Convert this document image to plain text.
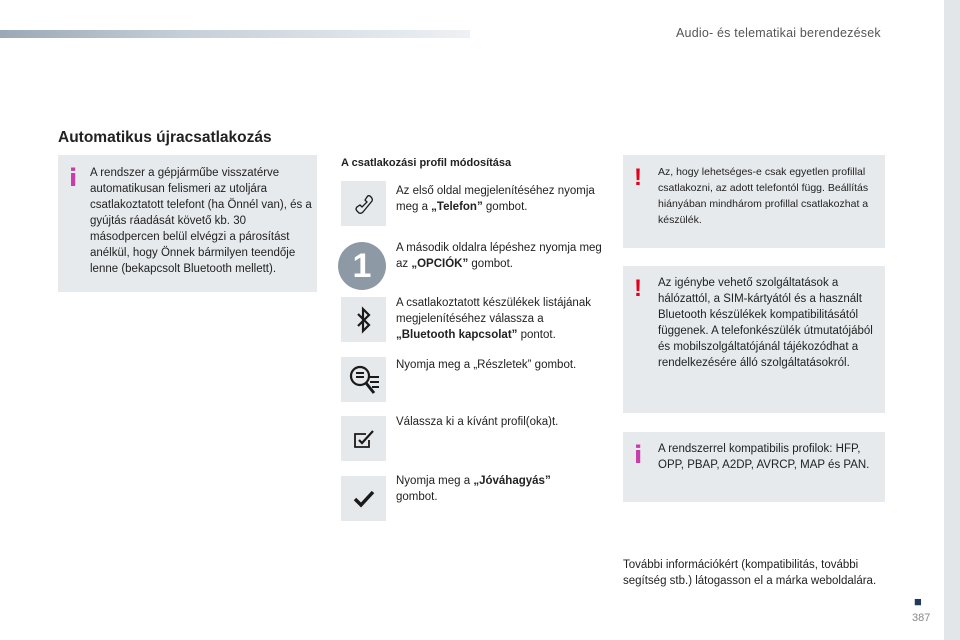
Audio- és telematikai berendezések
Automatikus újracsatlakozás
i A rendszer a gépjárműbe visszatérve automatikusan felismeri az utoljára csatlakoztatott telefont (ha Önnél van), és a gyújtás ráadását követő kb. 30 másodpercen belül elvégzi a párosítást anélkül, hogy Önnek bármilyen teendője lenne (bekapcsolt Bluetooth mellett).
A csatlakozási profil módosítása
Az első oldal megjelenítéséhez nyomja meg a „Telefon” gombot.
1	A második oldalra lépéshez nyomja meg az „OPCIÓK” gombot.
A csatlakoztatott készülékek listájának megjelenítéséhez válassza a „Bluetooth kapcsolat” pontot.
Nyomja meg a „Részletek” gombot.
Válassza ki a kívánt profil(oka)t.
Nyomja meg a „Jóváhagyás” gombot.
! Az, hogy lehetséges-e csak egyetlen profillal csatlakozni, az adott telefontól függ. Beállítás hiányában mindhárom profillal csatlakozhat a készülék.
! Az igénybe vehető szolgáltatások a hálózattól, a SIM-kártyától és a használt Bluetooth készülékek kompatibilitásától függenek. A telefonkészülék útmutatójából és mobilszolgáltatójánál tájékozódhat a rendelkezésére álló szolgáltatásokról.
i A rendszerrel kompatibilis profilok: HFP, OPP, PBAP, A2DP, AVRCP, MAP és PAN.
További információkért (kompatibilitás, további segítség stb.) látogasson el a márka weboldalára.
■
387
